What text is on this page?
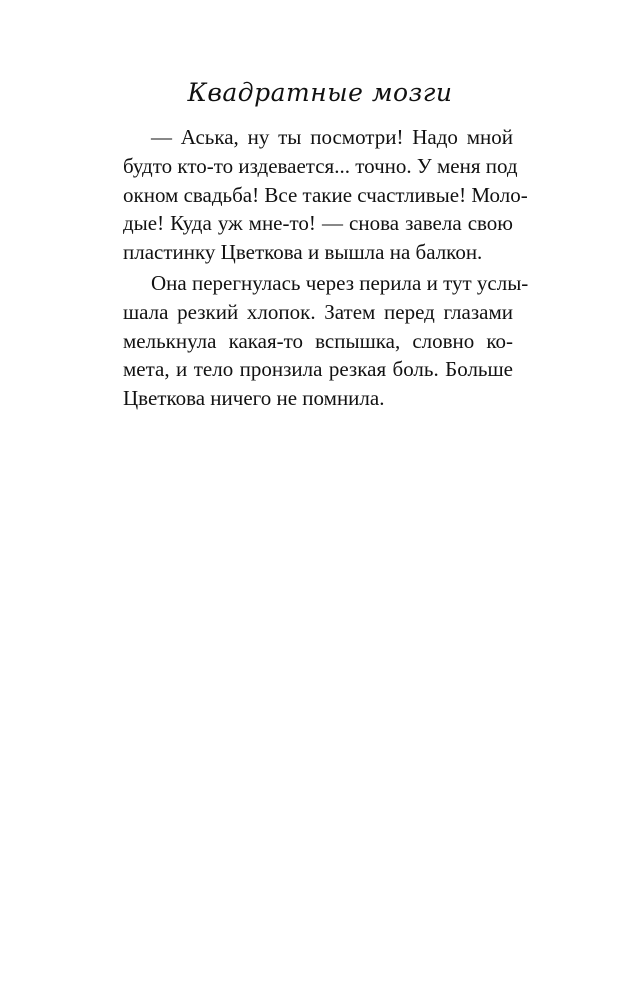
Квадратные мозги
— Аська, ну ты посмотри! Надо мной
будто кто-то издевается... точно. У меня под
окном свадьба! Все такие счастливые! Моло-
дые! Куда уж мне-то! — снова завела свою
пластинку Цветкова и вышла на балкон.
Она перегнулась через перила и тут услы-
шала резкий хлопок. Затем перед глазами
мелькнула какая-то вспышка, словно ко-
мета, и тело пронзила резкая боль. Больше
Цветкова ничего не помнила.
